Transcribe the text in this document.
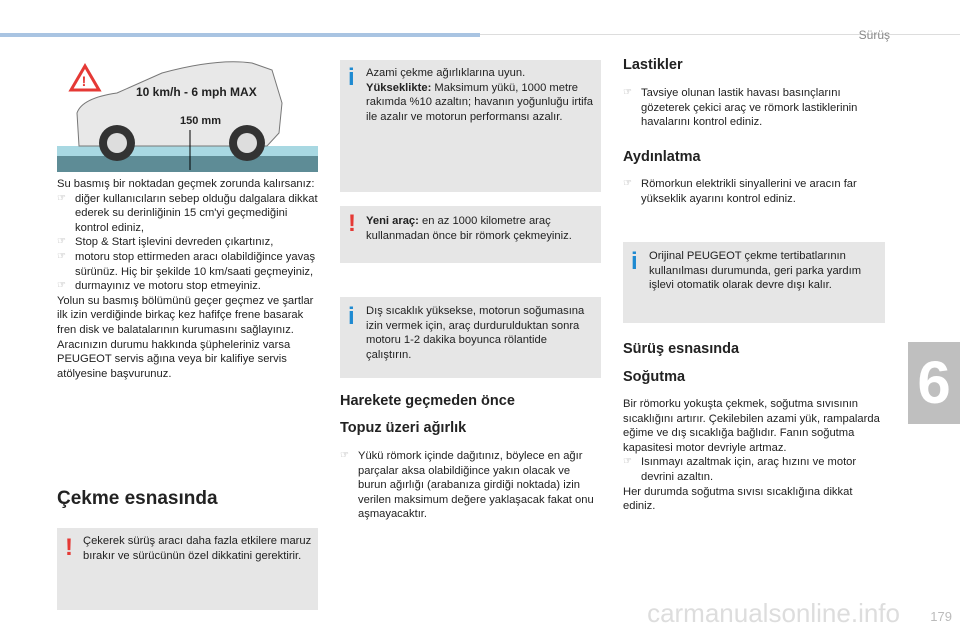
Sürüş
!
10 km/h - 6 mph MAX
150 mm

Su basmış bir noktadan geçmek zorunda kalırsanız:

☞ diğer kullanıcıların sebep olduğu dalgalara dikkat ederek su derinliğinin 15 cm'yi geçmediğini kontrol ediniz,
☞ Stop & Start işlevini devreden çıkartınız,
☞ motoru stop ettirmeden aracı olabildiğince yavaş sürünüz. Hiç bir şekilde 10 km/saati geçmeyiniz,
☞ durmayınız ve motoru stop etmeyiniz.

Yolun su basmış bölümünü geçer geçmez ve şartlar ilk izin verdiğinde birkaç kez hafifçe frene basarak fren disk ve balatalarının kurumasını sağlayınız.

Aracınızın durumu hakkında şüpheleriniz varsa PEUGEOT servis ağına veya bir kalifiye servis atölyesine başvurunuz.

Çekme esnasında
! Çekerek sürüş aracı daha fazla etkilere maruz bırakır ve sürücünün özel dikkatini gerektirir.
i Azami çekme ağırlıklarına uyun.
Yükseklikte: Maksimum yükü, 1000 metre rakımda %10 azaltın; havanın yoğunluğu irtifa ile azalır ve motorun performansı azalır.
! Yeni araç: en az 1000 kilometre araç kullanmadan önce bir römork çekmeyiniz.
i Dış sıcaklık yüksekse, motorun soğumasına izin vermek için, araç durdurulduktan sonra motoru 1-2 dakika boyunca rölantide çalıştırın.
Harekete geçmeden önce
Topuz üzeri ağırlık
☞ Yükü römork içinde dağıtınız, böylece en ağır parçalar aksa olabildiğince yakın olacak ve burun ağırlığı (arabanıza girdiği noktada) izin verilen maksimum değere yaklaşacak fakat onu aşmayacaktır.
Lastikler
☞ Tavsiye olunan lastik havası basınçlarını gözeterek çekici araç ve römork lastiklerinin havalarını kontrol ediniz.
Aydınlatma
☞ Römorkun elektrikli sinyallerini ve aracın far yükseklik ayarını kontrol ediniz.
i Orijinal PEUGEOT çekme tertibatlarının kullanılması durumunda, geri parka yardım işlevi otomatik olarak devre dışı kalır.
Sürüş esnasında
Soğutma

Bir römorku yokuşta çekmek, soğutma sıvısının sıcaklığını artırır. Çekilebilen azami yük, rampalarda eğime ve dış sıcaklığa bağlıdır. Fanın soğutma kapasitesi motor devriyle artmaz.

☞ Isınmayı azaltmak için, araç hızını ve motor devrini azaltın.

Her durumda soğutma sıvısı sıcaklığına dikkat ediniz.

6
carmanualsonline.info 179
